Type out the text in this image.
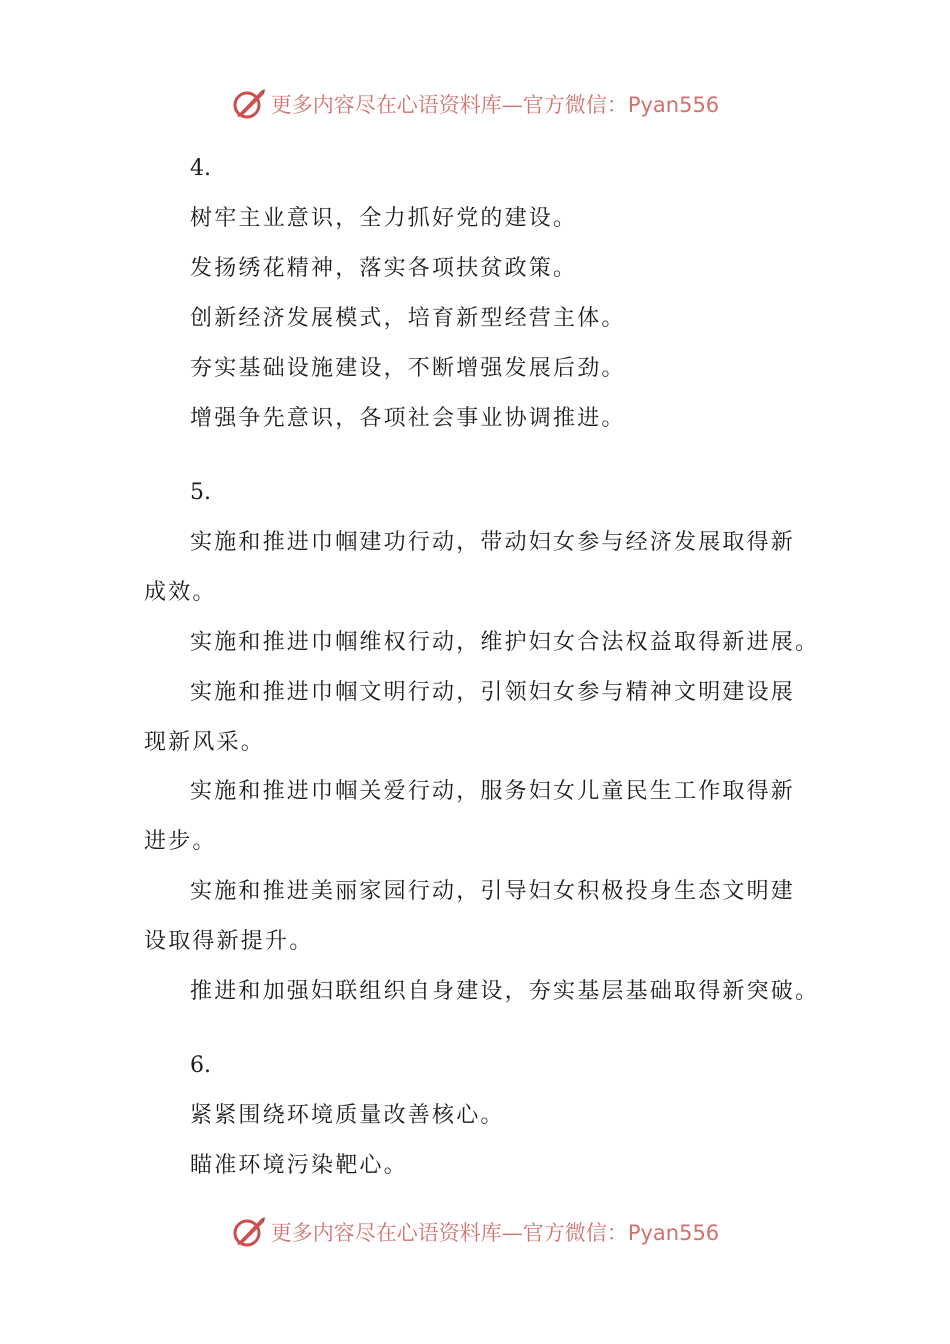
更多内容尽在心语资料库—官方微信：Pyan556
4.
树牢主业意识，全力抓好党的建设。
发扬绣花精神，落实各项扶贫政策。
创新经济发展模式，培育新型经营主体。
夯实基础设施建设，不断增强发展后劲。
增强争先意识，各项社会事业协调推进。
5.
实施和推进巾帼建功行动，带动妇女参与经济发展取得新
成效。
实施和推进巾帼维权行动，维护妇女合法权益取得新进展。
实施和推进巾帼文明行动，引领妇女参与精神文明建设展
现新风采。
实施和推进巾帼关爱行动，服务妇女儿童民生工作取得新
进步。
实施和推进美丽家园行动，引导妇女积极投身生态文明建
设取得新提升。
推进和加强妇联组织自身建设，夯实基层基础取得新突破。
6.
紧紧围绕环境质量改善核心。
瞄准环境污染靶心。
更多内容尽在心语资料库—官方微信：Pyan556
